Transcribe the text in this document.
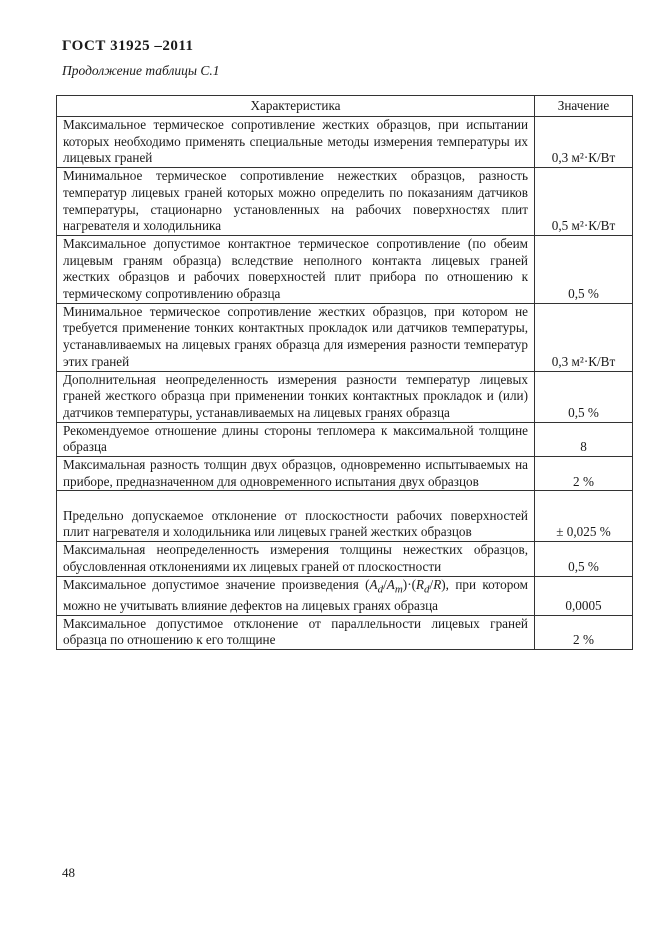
ГОСТ 31925 –2011
Продолжение таблицы С.1
Характеристика	Значение
Максимальное термическое сопротивление жестких образцов, при испытании которых необходимо применять специальные методы измерения температуры их лицевых граней	0,3 м²·К/Вт
Минимальное термическое сопротивление нежестких образцов, разность температур лицевых граней которых можно определить по показаниям датчиков температуры, стационарно установленных на рабочих поверхностях плит нагревателя и холодильника	0,5 м²·К/Вт
Максимальное допустимое контактное термическое сопротивление (по обеим лицевым граням образца) вследствие неполного контакта лицевых граней жестких образцов и рабочих поверхностей плит прибора по отношению к термическому сопротивлению образца	0,5 %
Минимальное термическое сопротивление жестких образцов, при котором не требуется применение тонких контактных прокладок или датчиков температуры, устанавливаемых на лицевых гранях образца для измерения разности температур этих граней	0,3 м²·К/Вт
Дополнительная неопределенность измерения разности температур лицевых граней жесткого образца при применении тонких контактных прокладок и (или) датчиков температуры, устанавливаемых на лицевых гранях образца	0,5 %
Рекомендуемое отношение длины стороны тепломера к максимальной толщине образца	8
Максимальная разность толщин двух образцов, одновременно испытываемых на приборе, предназначенном для одновременного испытания двух образцов	2 %
Предельно допускаемое отклонение от плоскостности рабочих поверхностей плит нагревателя и холодильника или лицевых граней жестких образцов	± 0,025 %
Максимальная неопределенность измерения толщины нежестких образцов, обусловленная отклонениями их лицевых граней от плоскостности	0,5 %
Максимальное допустимое значение произведения $(A_d/A_m)\cdot(R_d/R)$, при котором можно не учитывать влияние дефектов на лицевых гранях образца	0,0005
Максимальное допустимое отклонение от параллельности лицевых граней образца по отношению к его толщине	2 %
48
